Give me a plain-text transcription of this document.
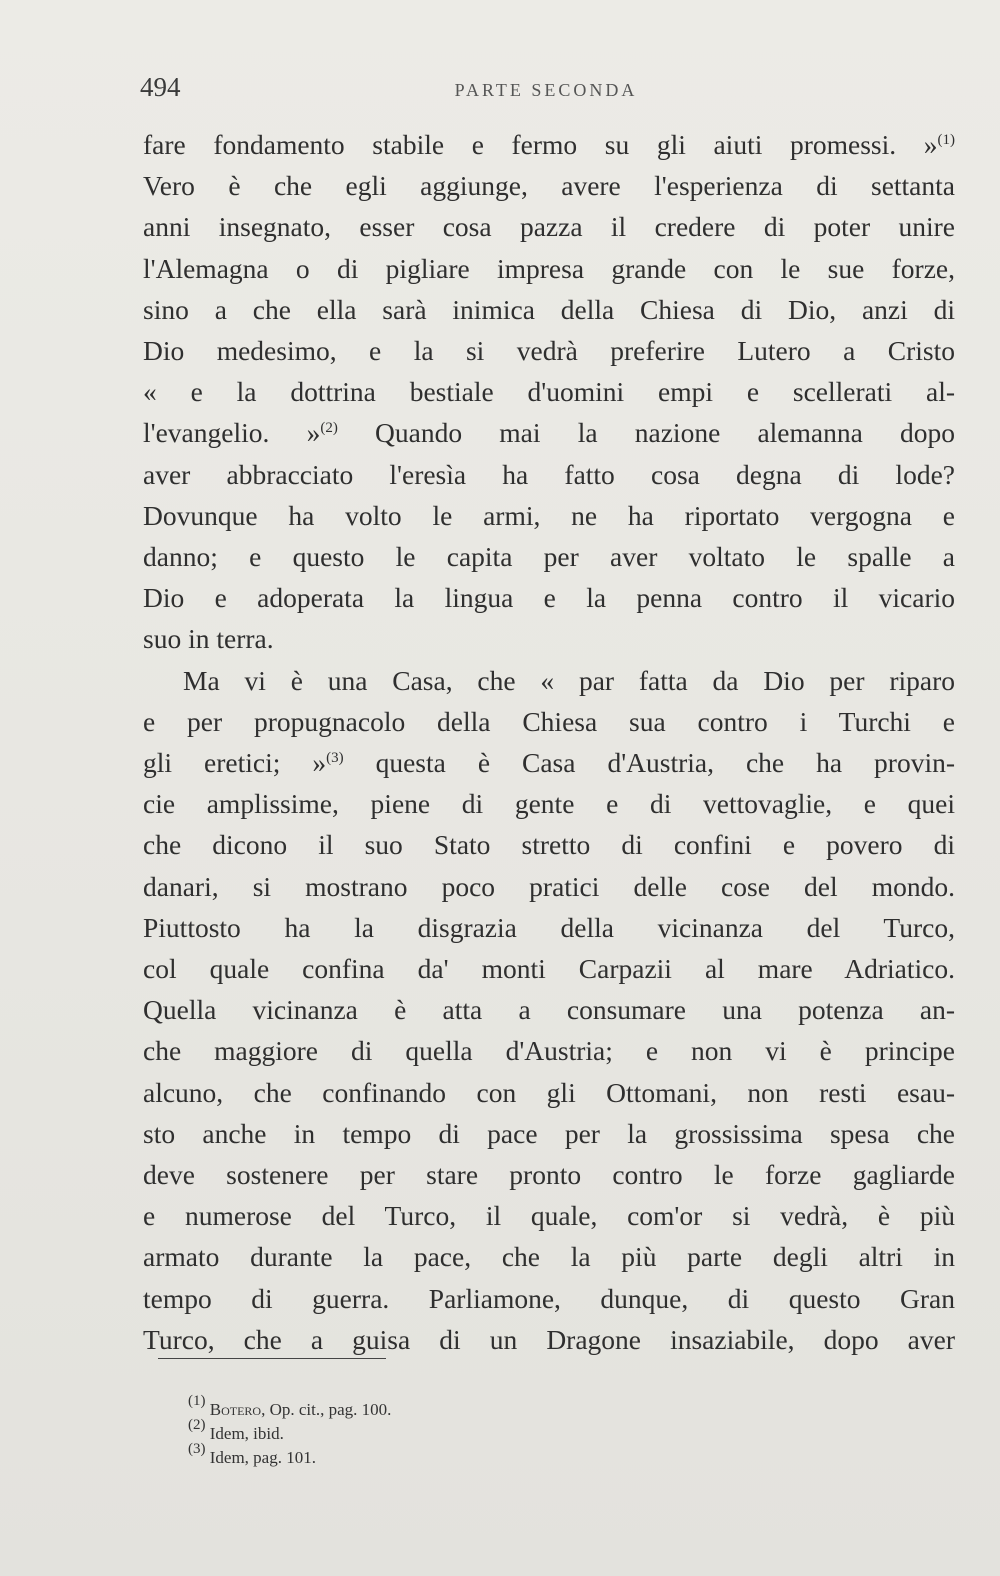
494	PARTE SECONDA
fare fondamento stabile e fermo su gli aiuti promessi. »$^{(1)}$
Vero è che egli aggiunge, avere l'esperienza di settanta
anni insegnato, esser cosa pazza il credere di poter unire
l'Alemagna o di pigliare impresa grande con le sue forze,
sino a che ella sarà inimica della Chiesa di Dio, anzi di
Dio medesimo, e la si vedrà preferire Lutero a Cristo
« e la dottrina bestiale d'uomini empi e scellerati al-
l'evangelio. »$^{(2)}$ Quando mai la nazione alemanna dopo
aver abbracciato l'eresìa ha fatto cosa degna di lode?
Dovunque ha volto le armi, ne ha riportato vergogna e
danno; e questo le capita per aver voltato le spalle a
Dio e adoperata la lingua e la penna contro il vicario
suo in terra.
Ma vi è una Casa, che « par fatta da Dio per riparo
e per propugnacolo della Chiesa sua contro i Turchi e
gli eretici; »$^{(3)}$ questa è Casa d'Austria, che ha provin-
cie amplissime, piene di gente e di vettovaglie, e quei
che dicono il suo Stato stretto di confini e povero di
danari, si mostrano poco pratici delle cose del mondo.
Piuttosto ha la disgrazia della vicinanza del Turco,
col quale confina da' monti Carpazii al mare Adriatico.
Quella vicinanza è atta a consumare una potenza an-
che maggiore di quella d'Austria; e non vi è principe
alcuno, che confinando con gli Ottomani, non resti esau-
sto anche in tempo di pace per la grossissima spesa che
deve sostenere per stare pronto contro le forze gagliarde
e numerose del Turco, il quale, com'or si vedrà, è più
armato durante la pace, che la più parte degli altri in
tempo di guerra. Parliamone, dunque, di questo Gran
Turco, che a guisa di un Dragone insaziabile, dopo aver
(1) Botero, Op. cit., pag. 100.
(2) Idem, ibid.
(3) Idem, pag. 101.
